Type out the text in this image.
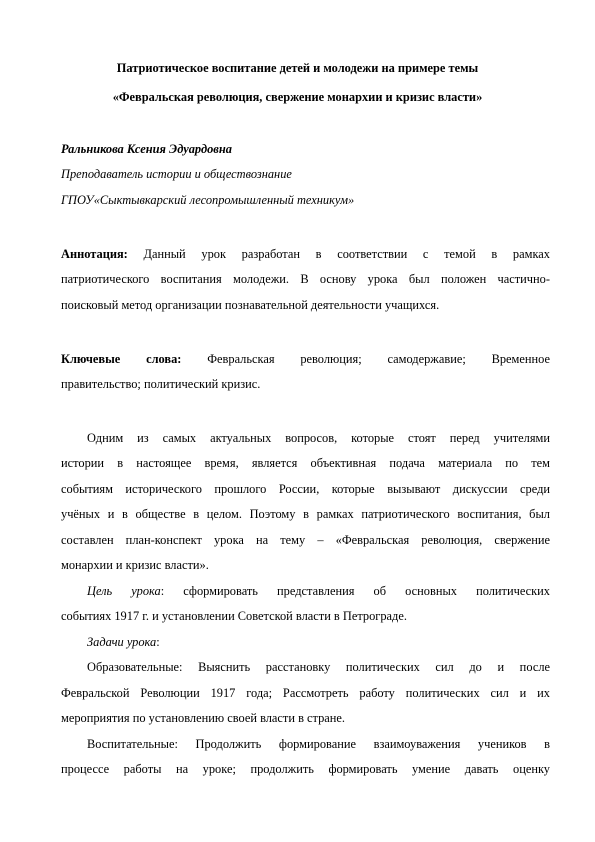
Патриотическое воспитание детей и молодежи на примере темы
«Февральская революция, свержение монархии и кризис власти»
Ральникова Ксения Эдуардовна
Преподаватель истории и обществознание
ГПОУ«Сыктывкарский лесопромышленный техникум»
Аннотация: Данный урок разработан в соответствии с темой в рамках
патриотического воспитания молодежи. В основу урока был положен частично-
поисковый метод организации познавательной деятельности учащихся.
Ключевые слова: Февральская революция; самодержавие; Временное
правительство; политический кризис.
Одним из самых актуальных вопросов, которые стоят перед учителями
истории в настоящее время, является объективная подача материала по тем
событиям исторического прошлого России, которые вызывают дискуссии среди
учёных и в обществе в целом. Поэтому в рамках патриотического воспитания, был
составлен план-конспект урока на тему – «Февральская революция, свержение
монархии и кризис власти».
Цель урока: сформировать представления об основных политических
событиях 1917 г. и установлении Советской власти в Петрограде.
Задачи урока:
Образовательные: Выяснить расстановку политических сил до и после
Февральской Революции 1917 года; Рассмотреть работу политических сил и их
мероприятия по установлению своей власти в стране.
Воспитательные: Продолжить формирование взаимоуважения учеников в
процессе работы на уроке; продолжить формировать умение давать оценку
